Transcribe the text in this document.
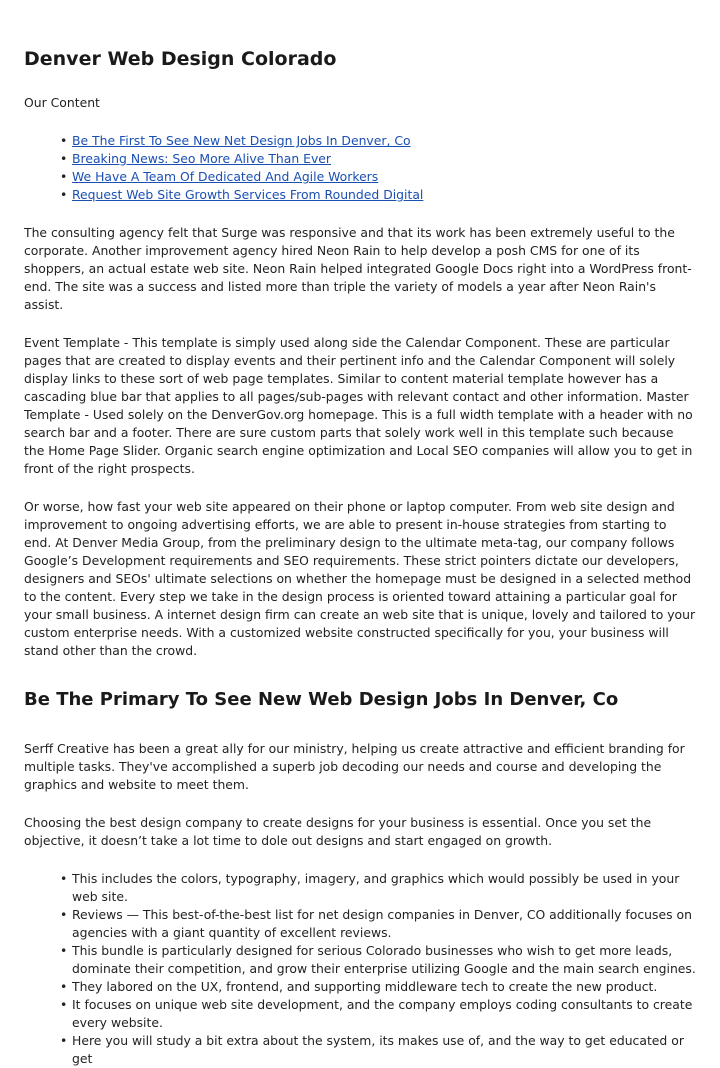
Denver Web Design Colorado

Our Content

• Be The First To See New Net Design Jobs In Denver, Co
• Breaking News: Seo More Alive Than Ever
• We Have A Team Of Dedicated And Agile Workers
• Request Web Site Growth Services From Rounded Digital

The consulting agency felt that Surge was responsive and that its work has been extremely useful to the corporate. Another improvement agency hired Neon Rain to help develop a posh CMS for one of its shoppers, an actual estate web site. Neon Rain helped integrated Google Docs right into a WordPress front-end. The site was a success and listed more than triple the variety of models a year after Neon Rain's assist.

Event Template - This template is simply used along side the Calendar Component. These are particular pages that are created to display events and their pertinent info and the Calendar Component will solely display links to these sort of web page templates. Similar to content material template however has a cascading blue bar that applies to all pages/sub-pages with relevant contact and other information. Master Template - Used solely on the DenverGov.org homepage. This is a full width template with a header with no search bar and a footer. There are sure custom parts that solely work well in this template such because the Home Page Slider. Organic search engine optimization and Local SEO companies will allow you to get in front of the right prospects.

Or worse, how fast your web site appeared on their phone or laptop computer. From web site design and improvement to ongoing advertising efforts, we are able to present in-house strategies from starting to end. At Denver Media Group, from the preliminary design to the ultimate meta-tag, our company follows Google’s Development requirements and SEO requirements. These strict pointers dictate our developers, designers and SEOs' ultimate selections on whether the homepage must be designed in a selected method to the content. Every step we take in the design process is oriented toward attaining a particular goal for your small business. A internet design firm can create an web site that is unique, lovely and tailored to your custom enterprise needs. With a customized website constructed specifically for you, your business will stand other than the crowd.

Be The Primary To See New Web Design Jobs In Denver, Co

Serff Creative has been a great ally for our ministry, helping us create attractive and efficient branding for multiple tasks. They've accomplished a superb job decoding our needs and course and developing the graphics and website to meet them.

Choosing the best design company to create designs for your business is essential. Once you set the objective, it doesn’t take a lot time to dole out designs and start engaged on growth.

• This includes the colors, typography, imagery, and graphics which would possibly be used in your web site.
• Reviews — This best-of-the-best list for net design companies in Denver, CO additionally focuses on agencies with a giant quantity of excellent reviews.
• This bundle is particularly designed for serious Colorado businesses who wish to get more leads, dominate their competition, and grow their enterprise utilizing Google and the main search engines.
• They labored on the UX, frontend, and supporting middleware tech to create the new product.
• It focuses on unique web site development, and the company employs coding consultants to create every website.
• Here you will study a bit extra about the system, its makes use of, and the way to get educated or get
